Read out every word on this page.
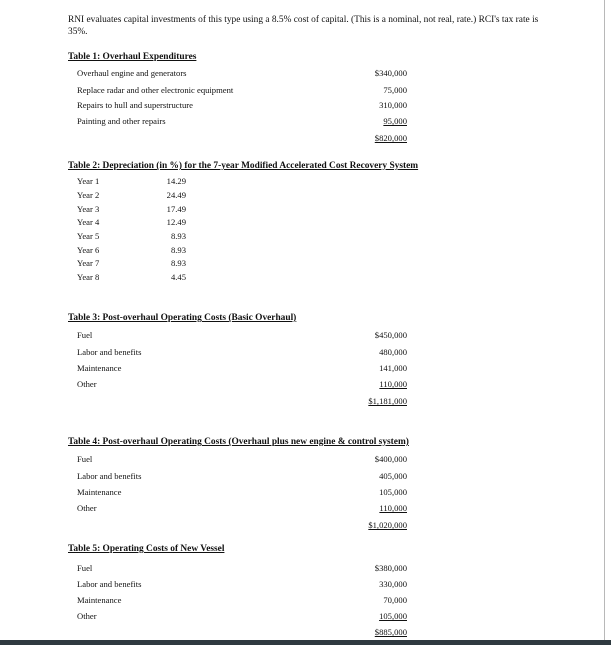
RNI evaluates capital investments of this type using a 8.5% cost of capital. (This is a nominal, not real, rate.) RCI's tax rate is 35%.
Table 1: Overhaul Expenditures
Overhaul engine and generators	$340,000
Replace radar and other electronic equipment	75,000
Repairs to hull and superstructure	310,000
Painting and other repairs	95,000
$820,000
Table 2: Depreciation (in %) for the 7-year Modified Accelerated Cost Recovery System
Year 1	14.29
Year 2	24.49
Year 3	17.49
Year 4	12.49
Year 5	8.93
Year 6	8.93
Year 7	8.93
Year 8	4.45
Table 3: Post-overhaul Operating Costs (Basic Overhaul)
Fuel	$450,000
Labor and benefits	480,000
Maintenance	141,000
Other	110,000
$1,181,000
Table 4: Post-overhaul Operating Costs (Overhaul plus new engine & control system)
Fuel	$400,000
Labor and benefits	405,000
Maintenance	105,000
Other	110,000
$1,020,000
Table 5: Operating Costs of New Vessel
Fuel	$380,000
Labor and benefits	330,000
Maintenance	70,000
Other	105,000
$885,000
